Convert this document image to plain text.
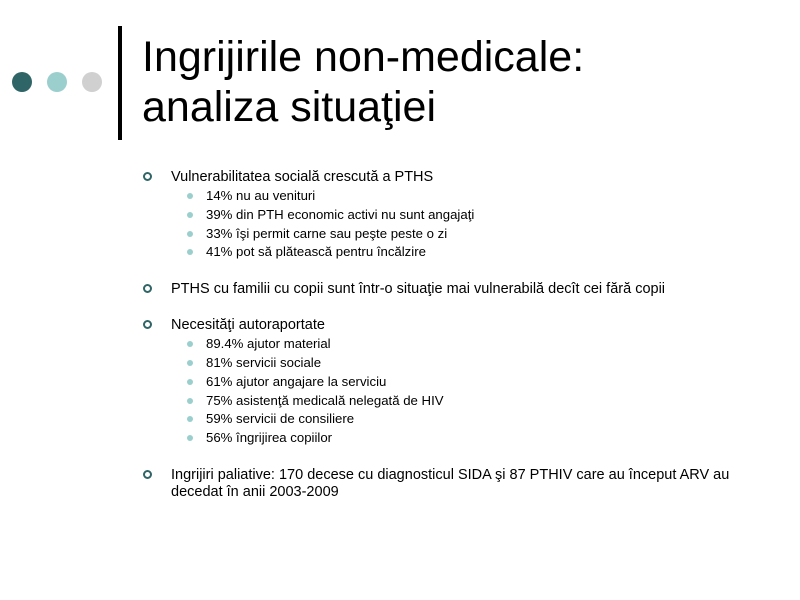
Ingrijirile non-medicale:
analiza situaţiei
Vulnerabilitatea socială crescută a PTHS
14% nu au venituri
39% din PTH economic activi nu sunt angajaţi
33% îşi permit carne sau peşte peste o zi
41% pot să plătească pentru încălzire
PTHS cu familii cu copii sunt într-o situaţie mai vulnerabilă decît cei fără copii
Necesităţi autoraportate
89.4% ajutor material
81% servicii sociale
61% ajutor angajare la serviciu
75% asistenţă medicală nelegată de HIV
59% servicii de consiliere
56% îngrijirea copiilor
Ingrijiri paliative: 170 decese cu diagnosticul SIDA şi 87 PTHIV care au început ARV au decedat în anii 2003-2009
